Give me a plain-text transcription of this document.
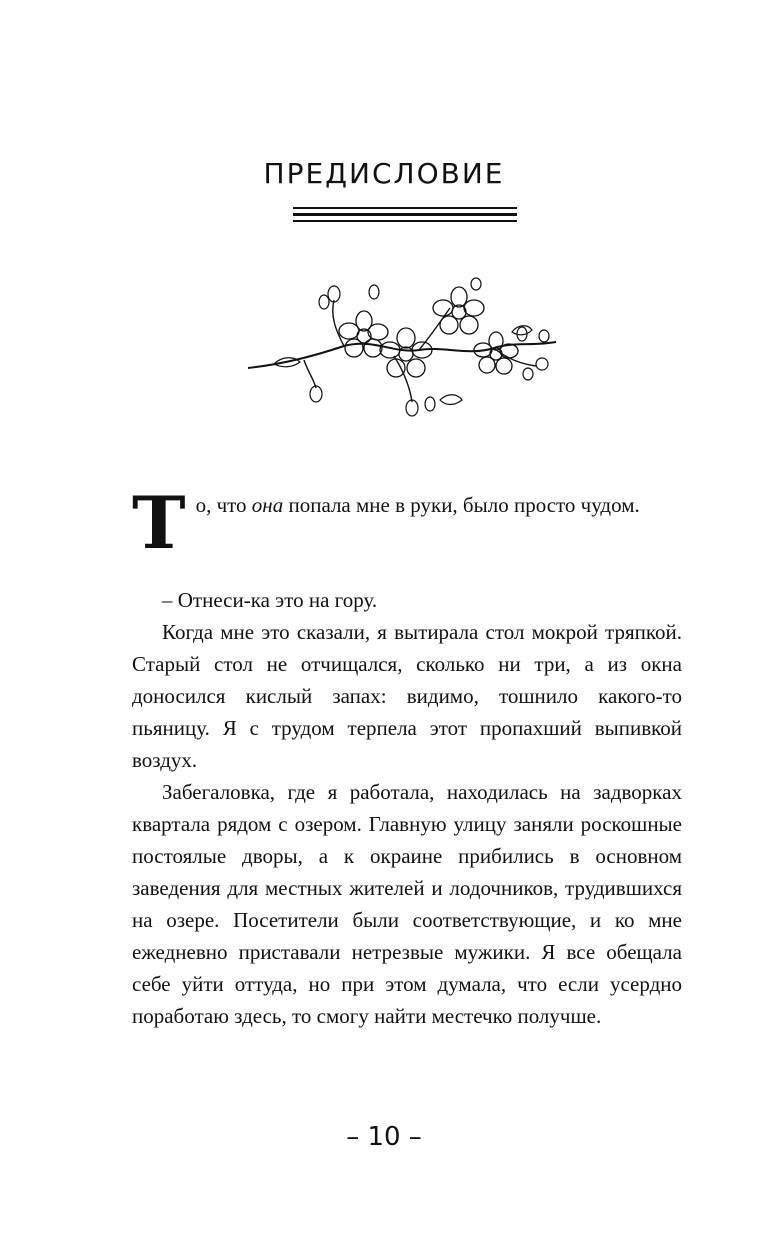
ПРЕДИСЛОВИЕ
То, что она попала мне в руки, было просто чудом.

– Отнеси-ка это на гору.

Когда мне это сказали, я вытирала стол мокрой тряпкой. Старый стол не отчищался, сколько ни три, а из окна доносился кислый запах: видимо, тошнило какого-то пьяницу. Я с трудом терпела этот пропахший выпивкой воздух.

Забегаловка, где я работала, находилась на задворках квартала рядом с озером. Главную улицу заняли роскошные постоялые дворы, а к окраине прибились в основном заведения для местных жителей и лодочников, трудившихся на озере. Посетители были соответствующие, и ко мне ежедневно приставали нетрезвые мужики. Я все обещала себе уйти оттуда, но при этом думала, что если усердно поработаю здесь, то смогу найти местечко получше.

– 10 –
